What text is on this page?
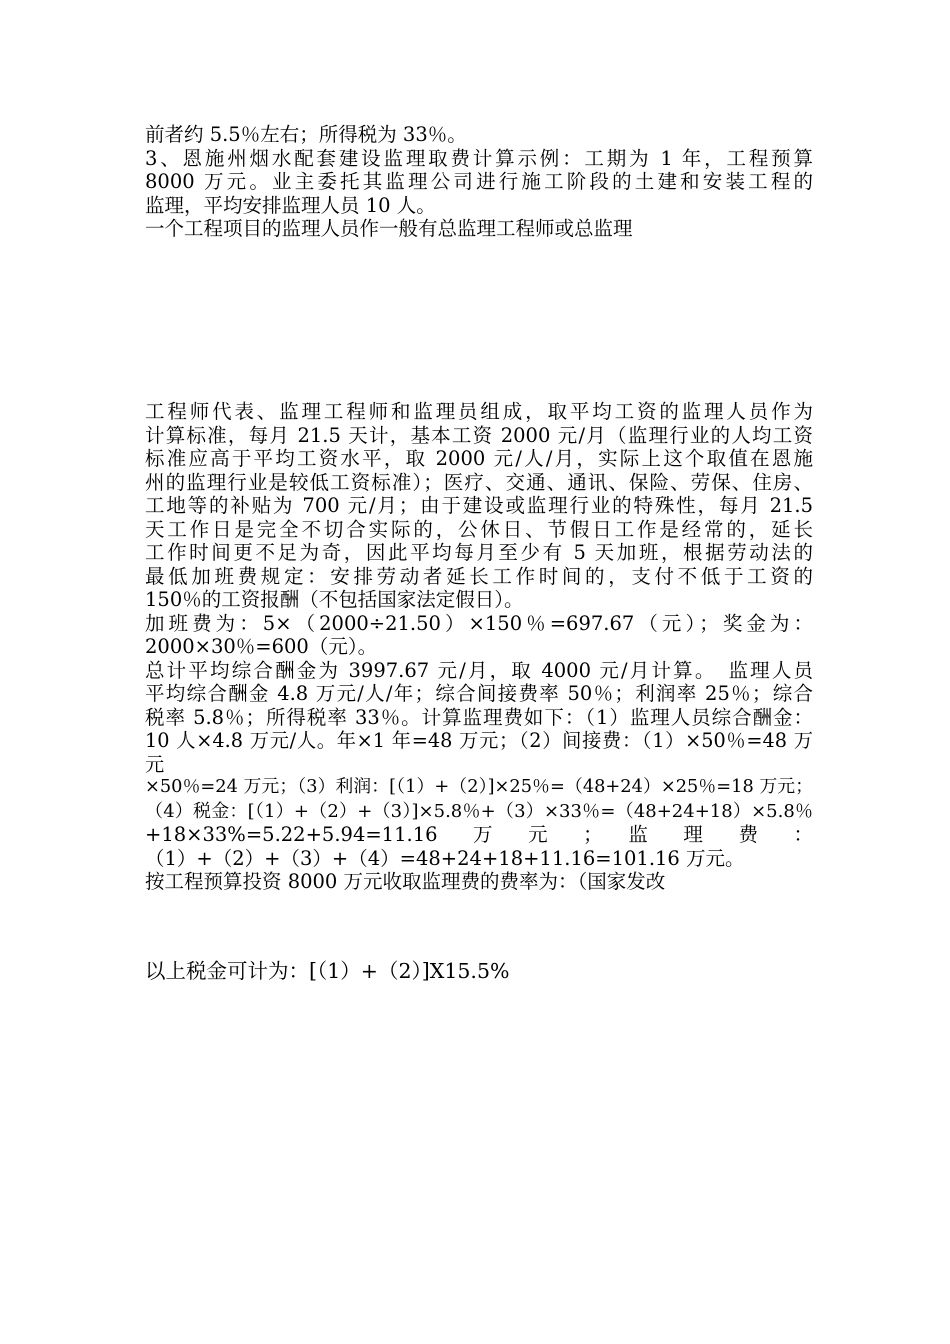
前者约 5.5％左右；所得税为 33％。
3、恩施州烟水配套建设监理取费计算示例：工期为 1 年，工程预算
8000 万元。业主委托其监理公司进行施工阶段的土建和安装工程的
监理，平均安排监理人员 10 人。
一个工程项目的监理人员作一般有总监理工程师或总监理
工程师代表、监理工程师和监理员组成，取平均工资的监理人员作为
计算标准，每月 21.5 天计，基本工资 2000 元/月（监理行业的人均工资
标准应高于平均工资水平，取 2000 元/人/月，实际上这个取值在恩施
州的监理行业是较低工资标准）；医疗、交通、通讯、保险、劳保、住房、
工地等的补贴为 700 元/月；由于建设或监理行业的特殊性，每月 21.5
天工作日是完全不切合实际的，公休日、节假日工作是经常的，延长
工作时间更不足为奇，因此平均每月至少有 5 天加班，根据劳动法的
最低加班费规定：安排劳动者延长工作时间的，支付不低于工资的
150％的工资报酬（不包括国家法定假日）。
加班费为：5×（2000÷21.50）×150％=697.67（元）；奖金为：
2000×30％=600（元）。
总计平均综合酬金为 3997.67 元/月，取 4000 元/月计算。　监理人员
平均综合酬金 4.8 万元/人/年；综合间接费率 50％；利润率 25％；综合
税率 5.8％；所得税率 33％。计算监理费如下：（1）监理人员综合酬金：
10 人×4.8 万元/人。年×1 年=48 万元；（2）间接费：（1）×50％=48 万元
×50％=24 万元；（3）利润：[（1）+（2）]×25％=（48+24）×25％=18 万元；
（4）税金：[（1）+（2）+（3）]×5.8％+（3）×33％=（48+24+18）×5.8％
+18×33%=5.22+5.94=11.16　万　元　；　监　理　费　：
（1）+（2）+（3）+（4）=48+24+18+11.16=101.16 万元。
按工程预算投资 8000 万元收取监理费的费率为：（国家发改
以上税金可计为：[（1）+（2）]X15.5%
